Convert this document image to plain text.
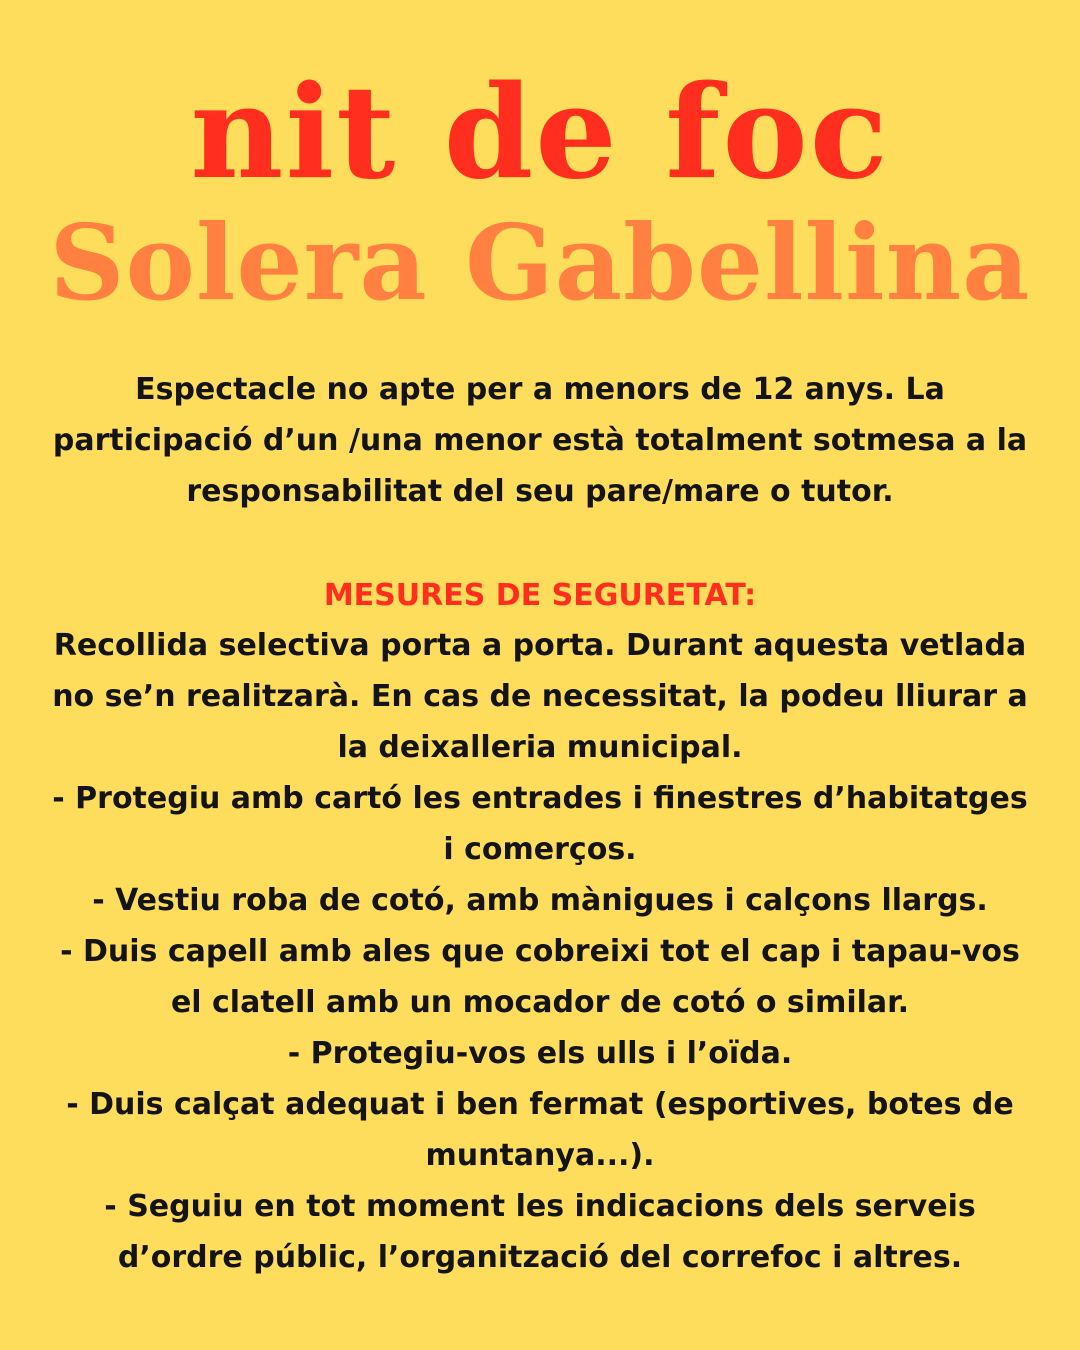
nit de foc
Solera Gabellina

Espectacle no apte per a menors de 12 anys. La participació d’un /una menor està totalment sotmesa a la responsabilitat del seu pare/mare o tutor.

MESURES DE SEGURETAT:

Recollida selectiva porta a porta. Durant aquesta vetlada no se’n realitzarà. En cas de necessitat, la podeu lliurar a la deixalleria municipal.

- Protegiu amb cartó les entrades i finestres d’habitatges i comerços.

- Vestiu roba de cotó, amb mànigues i calçons llargs.

- Duis capell amb ales que cobreixi tot el cap i tapau-vos el clatell amb un mocador de cotó o similar.

- Protegiu-vos els ulls i l’oïda.

- Duis calçat adequat i ben fermat (esportives, botes de muntanya...).

- Seguiu en tot moment les indicacions dels serveis d’ordre públic, l’organització del correfoc i altres.
